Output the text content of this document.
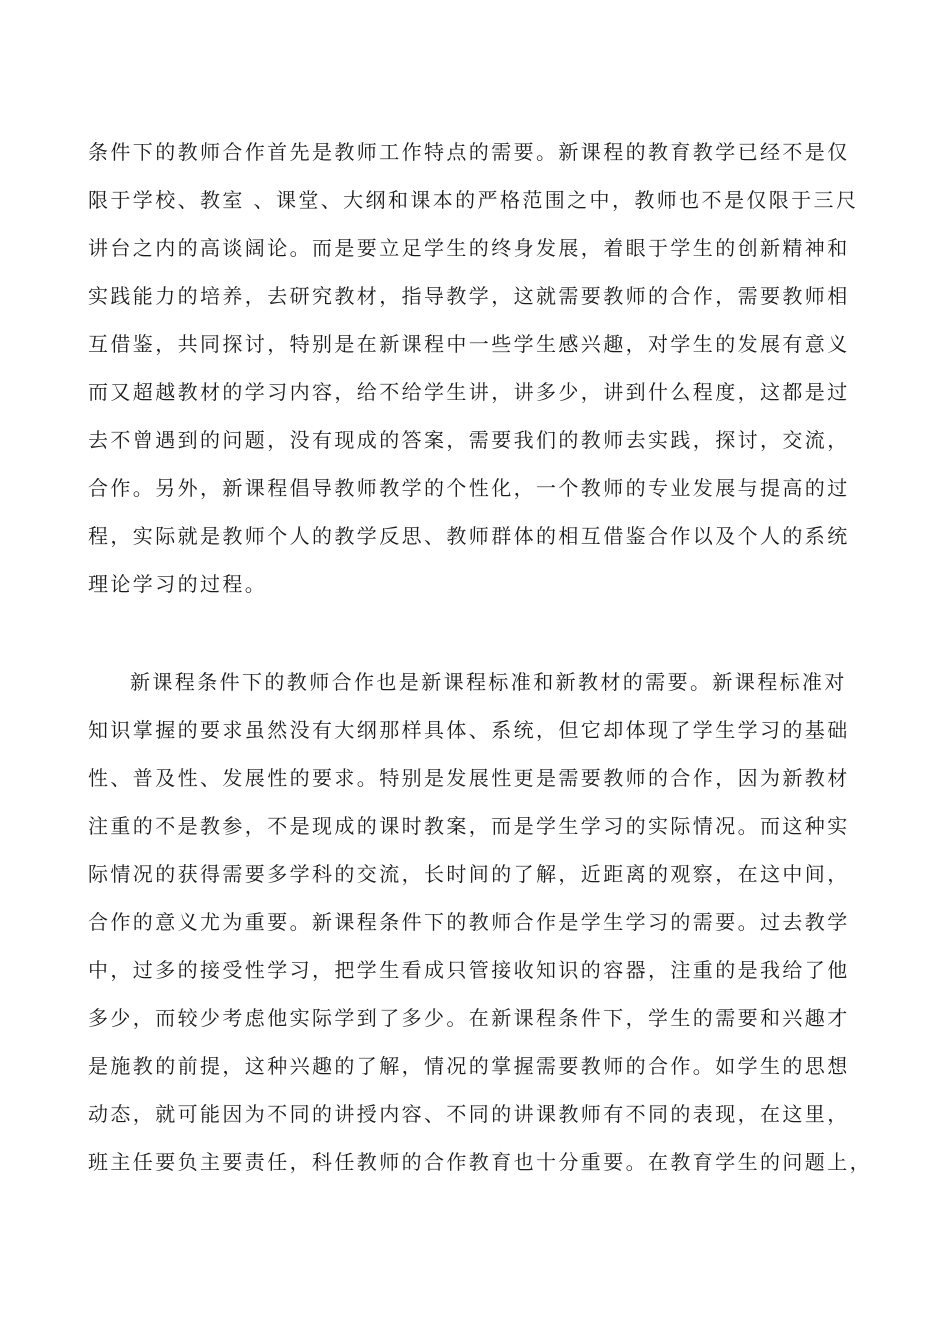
条件下的教师合作首先是教师工作特点的需要。新课程的教育教学已经不是仅
限于学校、教室 、课堂、大纲和课本的严格范围之中，教师也不是仅限于三尺
讲台之内的高谈阔论。而是要立足学生的终身发展，着眼于学生的创新精神和
实践能力的培养，去研究教材，指导教学，这就需要教师的合作，需要教师相
互借鉴，共同探讨，特别是在新课程中一些学生感兴趣，对学生的发展有意义
而又超越教材的学习内容，给不给学生讲，讲多少，讲到什么程度，这都是过
去不曾遇到的问题，没有现成的答案，需要我们的教师去实践，探讨，交流，
合作。另外，新课程倡导教师教学的个性化，一个教师的专业发展与提高的过
程，实际就是教师个人的教学反思、教师群体的相互借鉴合作以及个人的系统
理论学习的过程。
新课程条件下的教师合作也是新课程标准和新教材的需要。新课程标准对
知识掌握的要求虽然没有大纲那样具体、系统，但它却体现了学生学习的基础
性、普及性、发展性的要求。特别是发展性更是需要教师的合作，因为新教材
注重的不是教参，不是现成的课时教案，而是学生学习的实际情况。而这种实
际情况的获得需要多学科的交流，长时间的了解，近距离的观察，在这中间，
合作的意义尤为重要。新课程条件下的教师合作是学生学习的需要。过去教学
中，过多的接受性学习，把学生看成只管接收知识的容器，注重的是我给了他
多少，而较少考虑他实际学到了多少。在新课程条件下，学生的需要和兴趣才
是施教的前提，这种兴趣的了解，情况的掌握需要教师的合作。如学生的思想
动态，就可能因为不同的讲授内容、不同的讲课教师有不同的表现，在这里，
班主任要负主要责任，科任教师的合作教育也十分重要。在教育学生的问题上，
